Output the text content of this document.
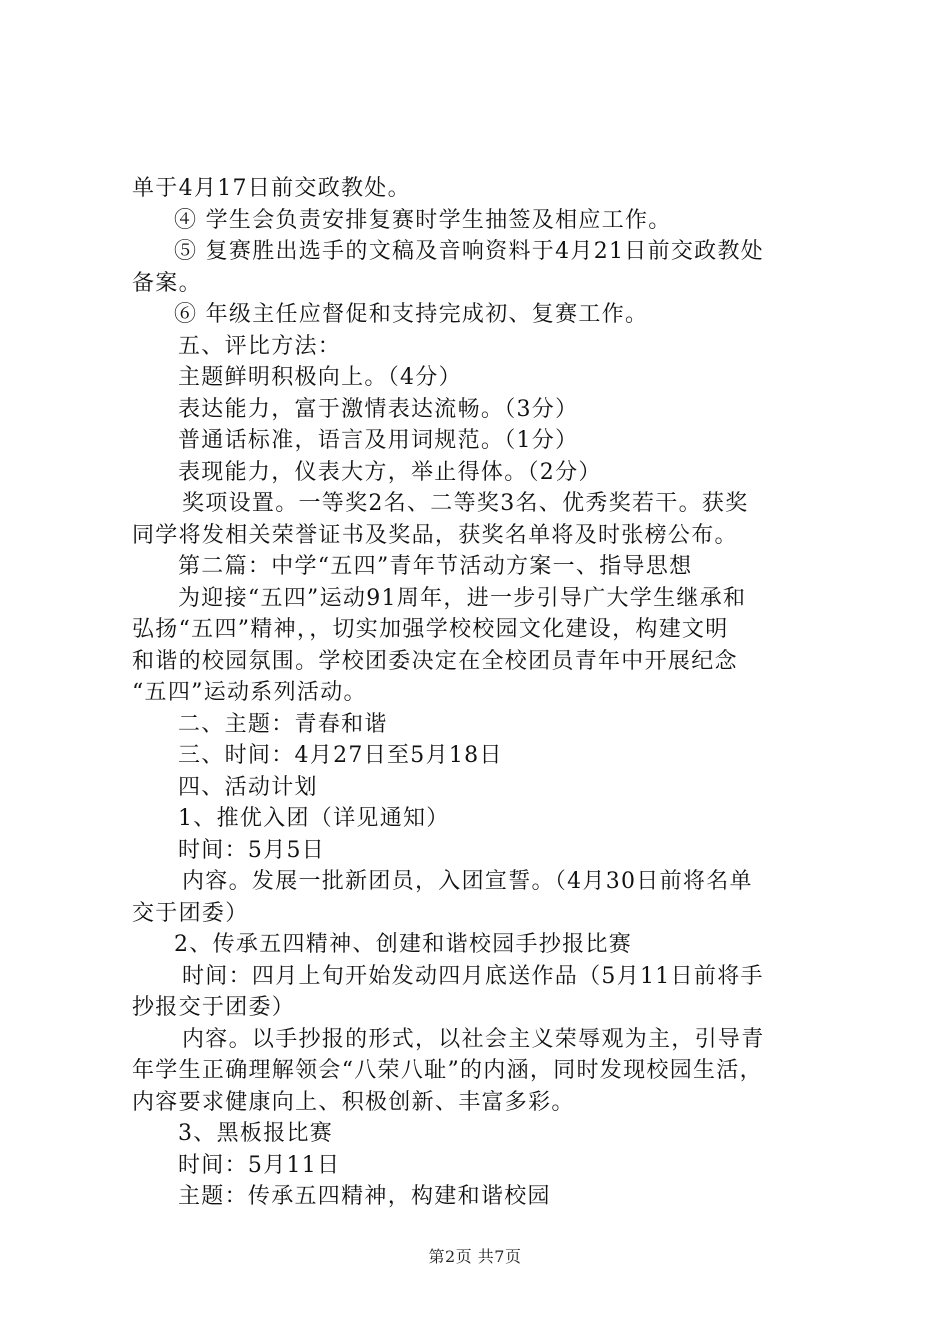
单于4月17日前交政教处。
④ 学生会负责安排复赛时学生抽签及相应工作。
⑤ 复赛胜出选手的文稿及音响资料于4月21日前交政教处
备案。
⑥ 年级主任应督促和支持完成初、复赛工作。
五、评比方法：
主题鲜明积极向上。（4分）
表达能力，富于激情表达流畅。（3分）
普通话标准，语言及用词规范。（1分）
表现能力，仪表大方，举止得体。（2分）
奖项设置。一等奖2名、二等奖3名、优秀奖若干。获奖
同学将发相关荣誉证书及奖品，获奖名单将及时张榜公布。
第二篇：中学“五四”青年节活动方案一、指导思想
为迎接“五四”运动91周年，进一步引导广大学生继承和
弘扬“五四”精神，，切实加强学校校园文化建设，构建文明
和谐的校园氛围。学校团委决定在全校团员青年中开展纪念
“五四”运动系列活动。
二、主题：青春和谐
三、时间：4月27日至5月18日
四、活动计划
1、推优入团（详见通知）
时间：5月5日
内容。发展一批新团员，入团宣誓。（4月30日前将名单
交于团委）
2、传承五四精神、创建和谐校园手抄报比赛
时间：四月上旬开始发动四月底送作品（5月11日前将手
抄报交于团委）
内容。以手抄报的形式，以社会主义荣辱观为主，引导青
年学生正确理解领会“八荣八耻”的内涵，同时发现校园生活，
内容要求健康向上、积极创新、丰富多彩。
3、黑板报比赛
时间：5月11日
主题：传承五四精神，构建和谐校园
第2页 共7页
